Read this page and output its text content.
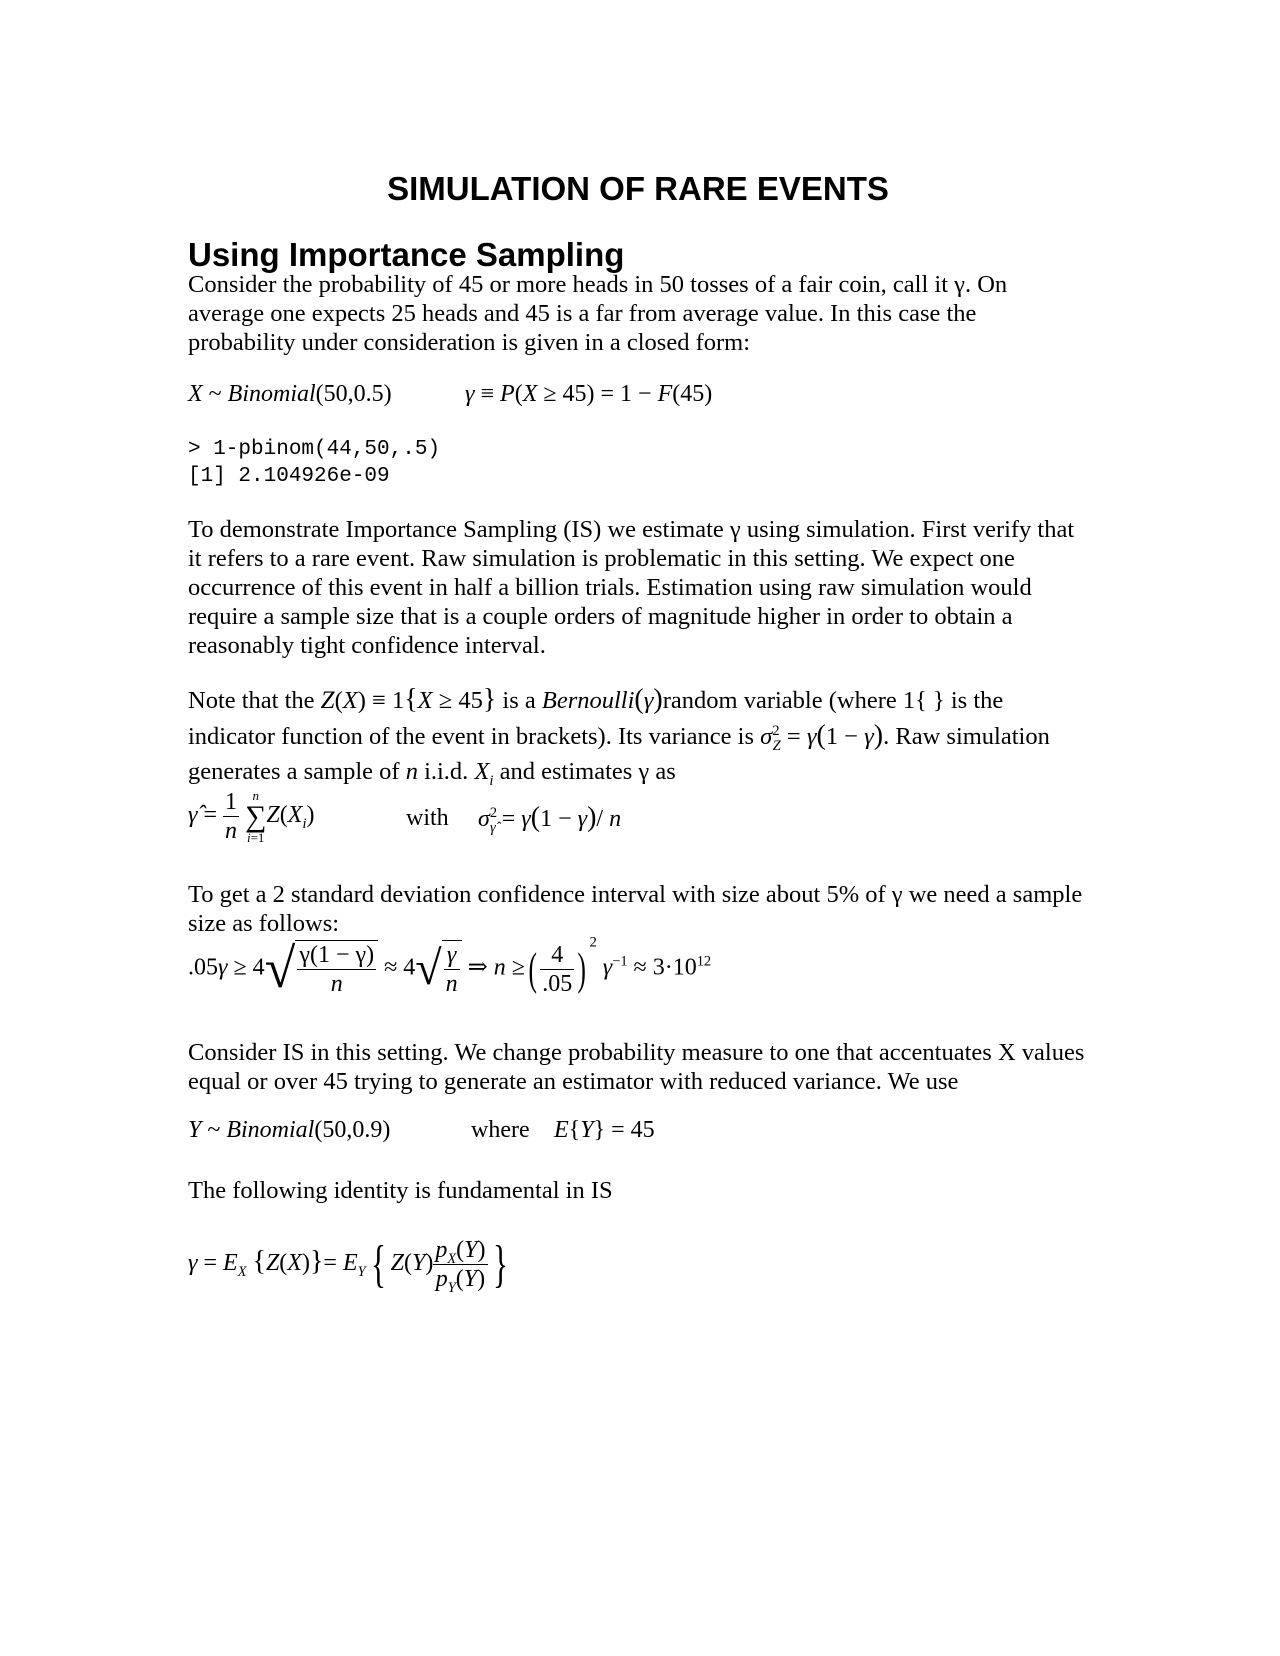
SIMULATION OF RARE EVENTS
Using Importance Sampling

Consider the probability of 45 or more heads in 50 tosses of a fair coin, call it γ. On average one expects 25 heads and 45 is a far from average value. In this case the probability under consideration is given in a closed form:

X ~ Binomial(50,0.5)	γ ≡ P(X ≥ 45) = 1 − F(45)
> 1-pbinom(44,50,.5)
[1] 2.104926e-09

To demonstrate Importance Sampling (IS) we estimate γ using simulation. First verify that it refers to a rare event. Raw simulation is problematic in this setting. We expect one occurrence of this event in half a billion trials. Estimation using raw simulation would require a sample size that is a couple orders of magnitude higher in order to obtain a reasonably tight confidence interval.

Note that the Z(X) ≡ 1{X ≥ 45} is a Bernoulli(γ)random variable (where 1{ } is the
indicator function of the event in brackets). Its variance is $\sigma^2_Z = \gamma(1 - \gamma)$. Raw simulation
generates a sample of n i.i.d. $X_i$ and estimates γ as
γ̂ = $\frac{1}{n}$ n
∑
$i=1Z(X_i)$	with $\sigma^2_{\gammâ} = \gamma(1 - \gamma)/$ n

To get a 2 standard deviation confidence interval with size about 5% of γ we need a sample size as follows:

$.05\gamma \ge 4√ \frac{\gamma(1 - \gamma)}{n} \approx 4√ \frac{\gamma}{n}$ ⇒ n ≥( $\frac{4}{.05} )^2$ $\gamma^{-1} \approx 3\cdot 10^{12}$

Consider IS in this setting. We change probability measure to one that accentuates X values equal or over 45 trying to generate an estimator with reduced variance. We use

Y ~ Binomial(50,0.9)	where E{Y} = 45

The following identity is fundamental in IS

$\gamma = E_X$ $\{Z(X)\}= E_Y${ $Z(Y) \frac{p_X(Y)}{p_Y(Y)}$ }
